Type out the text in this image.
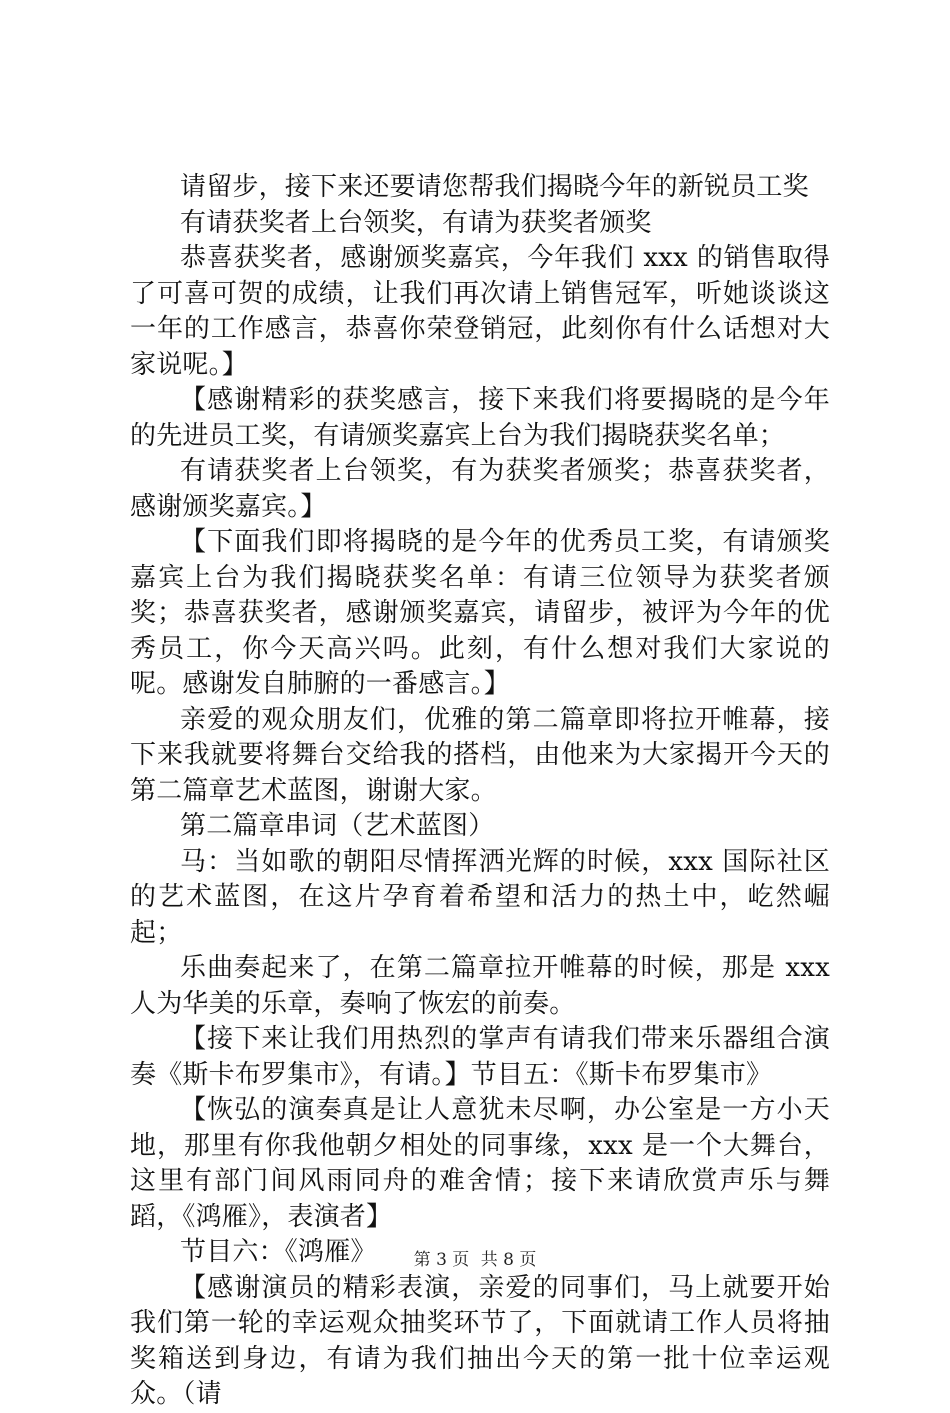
请留步，接下来还要请您帮我们揭晓今年的新锐员工奖

有请获奖者上台领奖，有请为获奖者颁奖

恭喜获奖者，感谢颁奖嘉宾，今年我们 xxx 的销售取得了可喜可贺的成绩，让我们再次请上销售冠军，听她谈谈这一年的工作感言，恭喜你荣登销冠，此刻你有什么话想对大家说呢。】

【感谢精彩的获奖感言，接下来我们将要揭晓的是今年的先进员工奖，有请颁奖嘉宾上台为我们揭晓获奖名单；

有请获奖者上台领奖，有为获奖者颁奖；恭喜获奖者，感谢颁奖嘉宾。】

【下面我们即将揭晓的是今年的优秀员工奖，有请颁奖嘉宾上台为我们揭晓获奖名单：有请三位领导为获奖者颁奖；恭喜获奖者，感谢颁奖嘉宾，请留步，被评为今年的优秀员工，你今天高兴吗。此刻，有什么想对我们大家说的呢。感谢发自肺腑的一番感言。】

亲爱的观众朋友们，优雅的第二篇章即将拉开帷幕，接下来我就要将舞台交给我的搭档，由他来为大家揭开今天的第二篇章艺术蓝图，谢谢大家。

第二篇章串词（艺术蓝图）

马：当如歌的朝阳尽情挥洒光辉的时候，xxx 国际社区的艺术蓝图，在这片孕育着希望和活力的热土中，屹然崛起；

乐曲奏起来了，在第二篇章拉开帷幕的时候，那是 xxx 人为华美的乐章，奏响了恢宏的前奏。

【接下来让我们用热烈的掌声有请我们带来乐器组合演奏《斯卡布罗集市》，有请。】节目五：《斯卡布罗集市》

【恢弘的演奏真是让人意犹未尽啊，办公室是一方小天地，那里有你我他朝夕相处的同事缘，xxx 是一个大舞台，这里有部门间风雨同舟的难舍情；接下来请欣赏声乐与舞蹈，《鸿雁》，表演者】

节目六：《鸿雁》

【感谢演员的精彩表演，亲爱的同事们，马上就要开始我们第一轮的幸运观众抽奖环节了，下面就请工作人员将抽奖箱送到身边，有请为我们抽出今天的第一批十位幸运观众。（请

第 3 页 共 8 页
